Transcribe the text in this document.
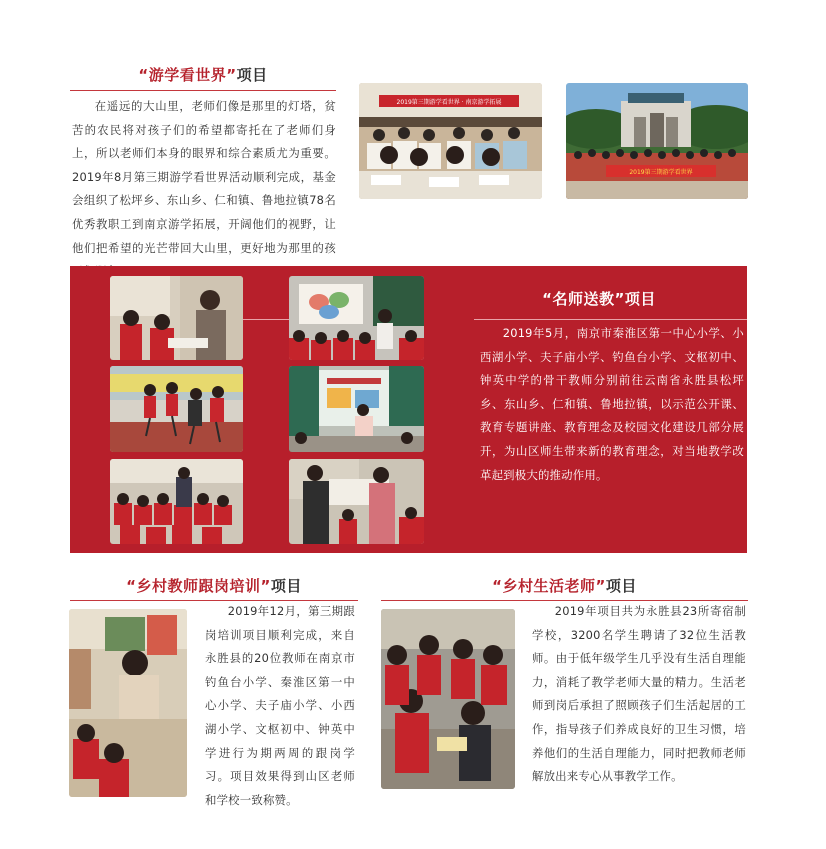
“游学看世界”项目
在遥远的大山里，老师们像是那里的灯塔，贫苦的农民将对孩子们的希望都寄托在了老师们身上，所以老师们本身的眼界和综合素质尤为重要。2019年8月第三期游学看世界活动顺利完成，基金会组织了松坪乡、东山乡、仁和镇、鲁地拉镇78名优秀教职工到南京游学拓展，开阔他们的视野，让他们把希望的光芒带回大山里，更好地为那里的孩
2019第三期游学看世界 · 南京游学拓展
2019第三期游学看世界
“名师送教”项目
2019年5月，南京市秦淮区第一中心小学、小西湖小学、夫子庙小学、钓鱼台小学、文枢初中、钟英中学的骨干教师分别前往云南省永胜县松坪乡、东山乡、仁和镇、鲁地拉镇，以示范公开课、教育专题讲座、教育理念及校园文化建设几部分展开，为山区师生带来新的教育理念，对当地教学改革起到极大的推动作用。
“乡村教师跟岗培训”项目
2019年12月，第三期跟岗培训项目顺利完成，来自永胜县的20位教师在南京市钓鱼台小学、秦淮区第一中心小学、夫子庙小学、小西湖小学、文枢初中、钟英中学进行为期两周的跟岗学习。项目效果得到山区老师和学校一致称赞。
“乡村生活老师”项目
2019年项目共为永胜县23所寄宿制学校，3200名学生聘请了32位生活教师。由于低年级学生几乎没有生活自理能力，消耗了教学老师大量的精力。生活老师到岗后承担了照顾孩子们生活起居的工作，指导孩子们养成良好的卫生习惯，培养他们的生活自理能力，同时把教师老师解放出来专心从事教学工作。
